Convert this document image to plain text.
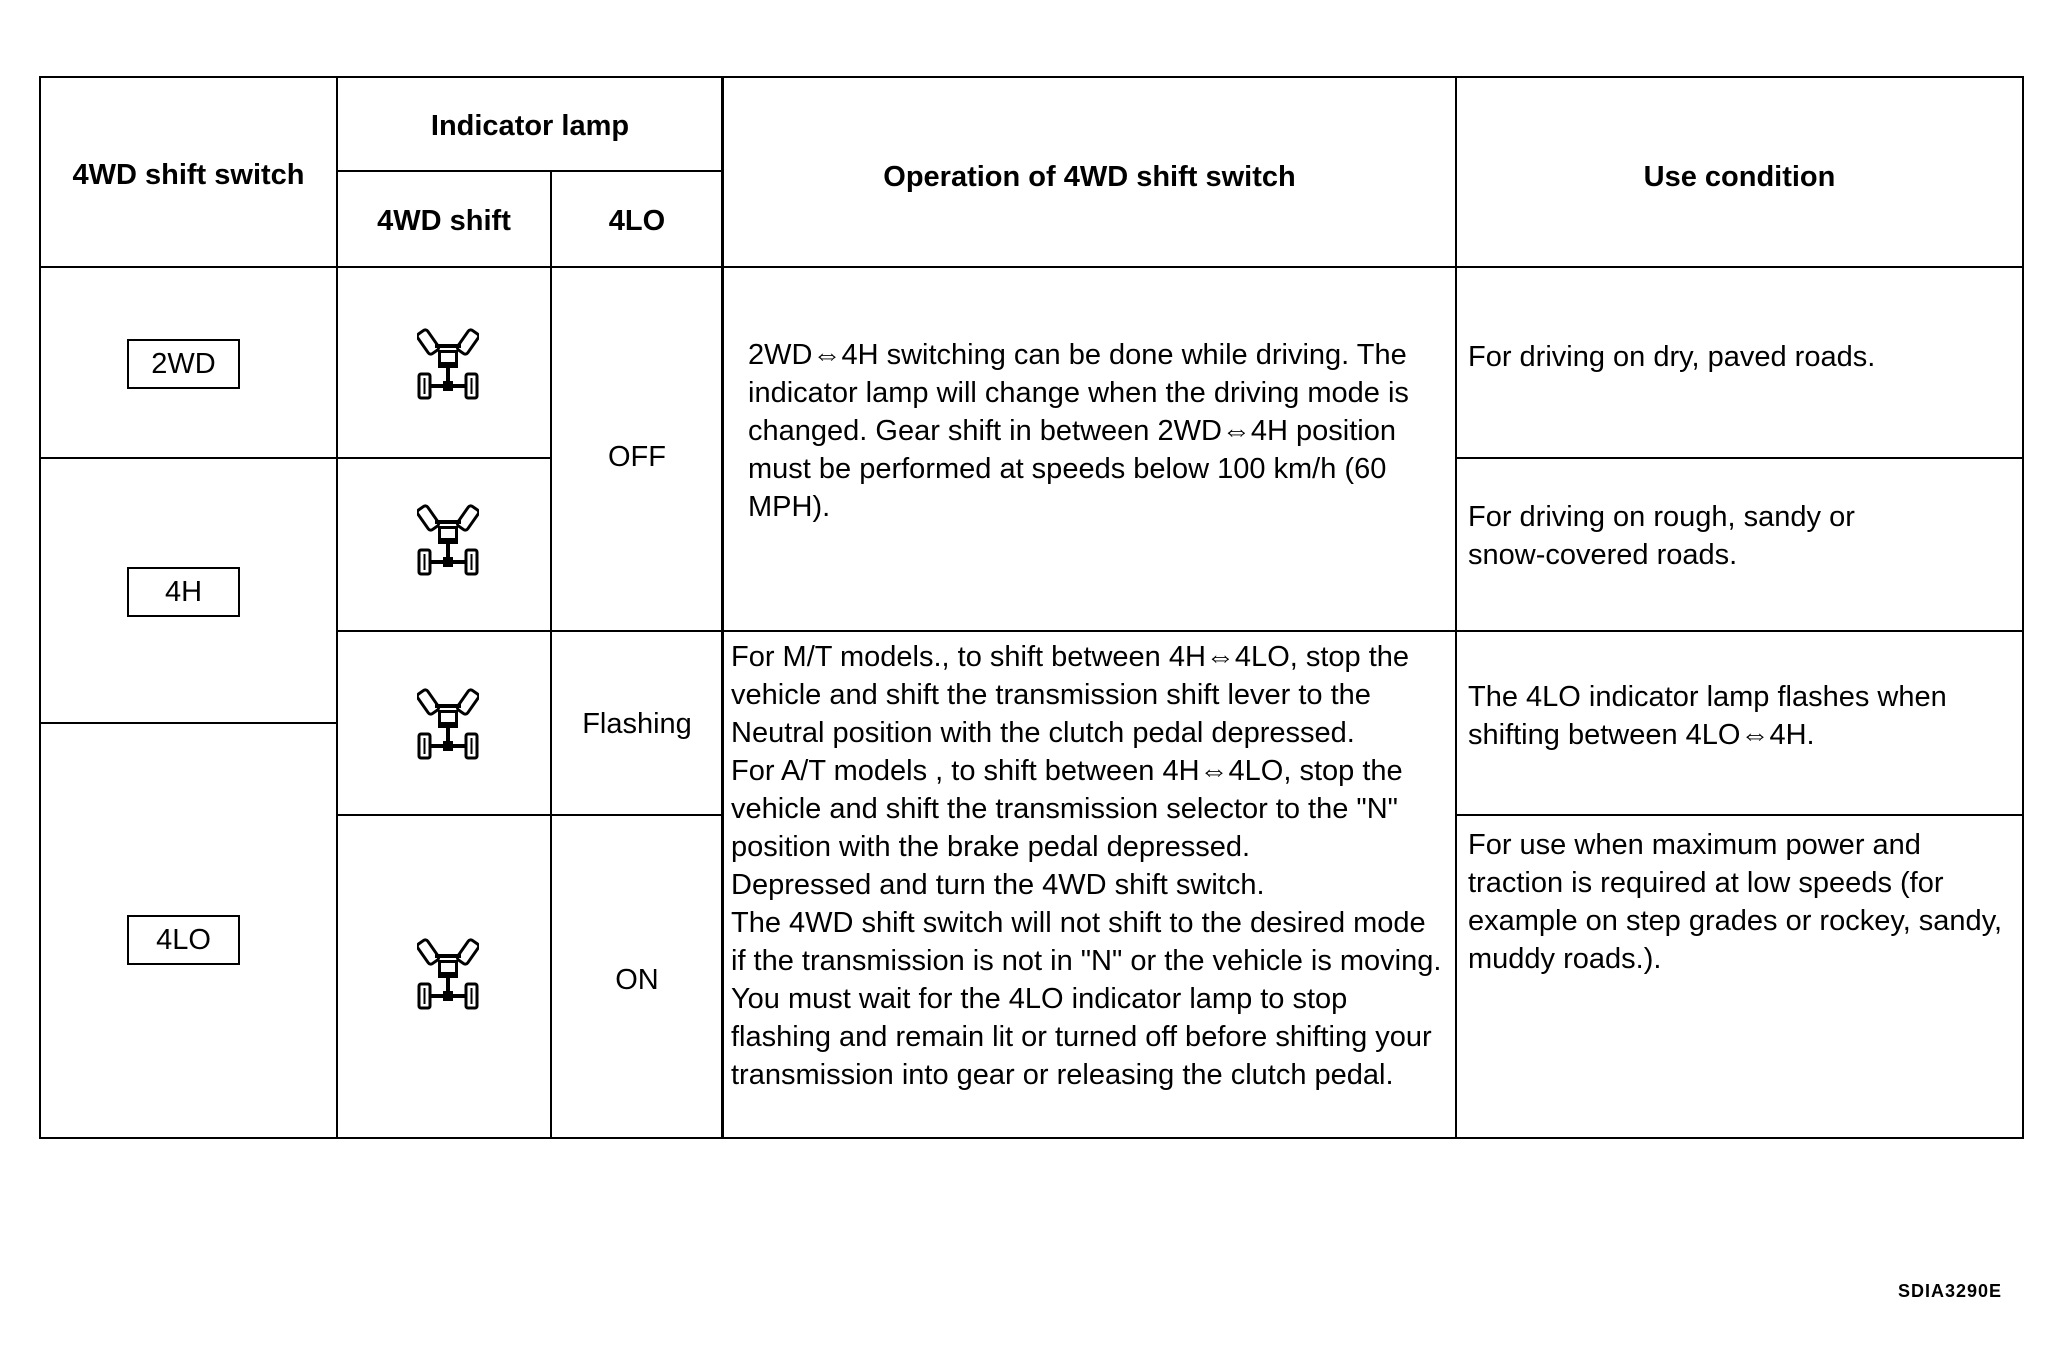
4WD shift switch
Indicator lamp
4WD shift	4LO
Operation of 4WD shift switch	Use condition
2WD
4H
4LO
OFF
Flashing
ON
2WD⇔4H switching can be done while driving. The
indicator lamp will change when the driving mode is
changed. Gear shift in between 2WD⇔4H position
must be performed at speeds below 100 km/h (60
MPH).
For M/T models., to shift between 4H⇔4LO, stop the
vehicle and shift the transmission shift lever to the
Neutral position with the clutch pedal depressed.
For A/T models , to shift between 4H⇔4LO, stop the
vehicle and shift the transmission selector to the "N"
position with the brake pedal depressed.
Depressed and turn the 4WD shift switch.
The 4WD shift switch will not shift to the desired mode
if the transmission is not in "N" or the vehicle is moving.
You must wait for the 4LO indicator lamp to stop
flashing and remain lit or turned off before shifting your
transmission into gear or releasing the clutch pedal.
For driving on dry, paved roads.
For driving on rough, sandy or
snow-covered roads.
The 4LO indicator lamp flashes when
shifting between 4LO⇔4H.
For use when maximum power and
traction is required at low speeds (for
example on step grades or rockey, sandy,
muddy roads.).
SDIA3290E
